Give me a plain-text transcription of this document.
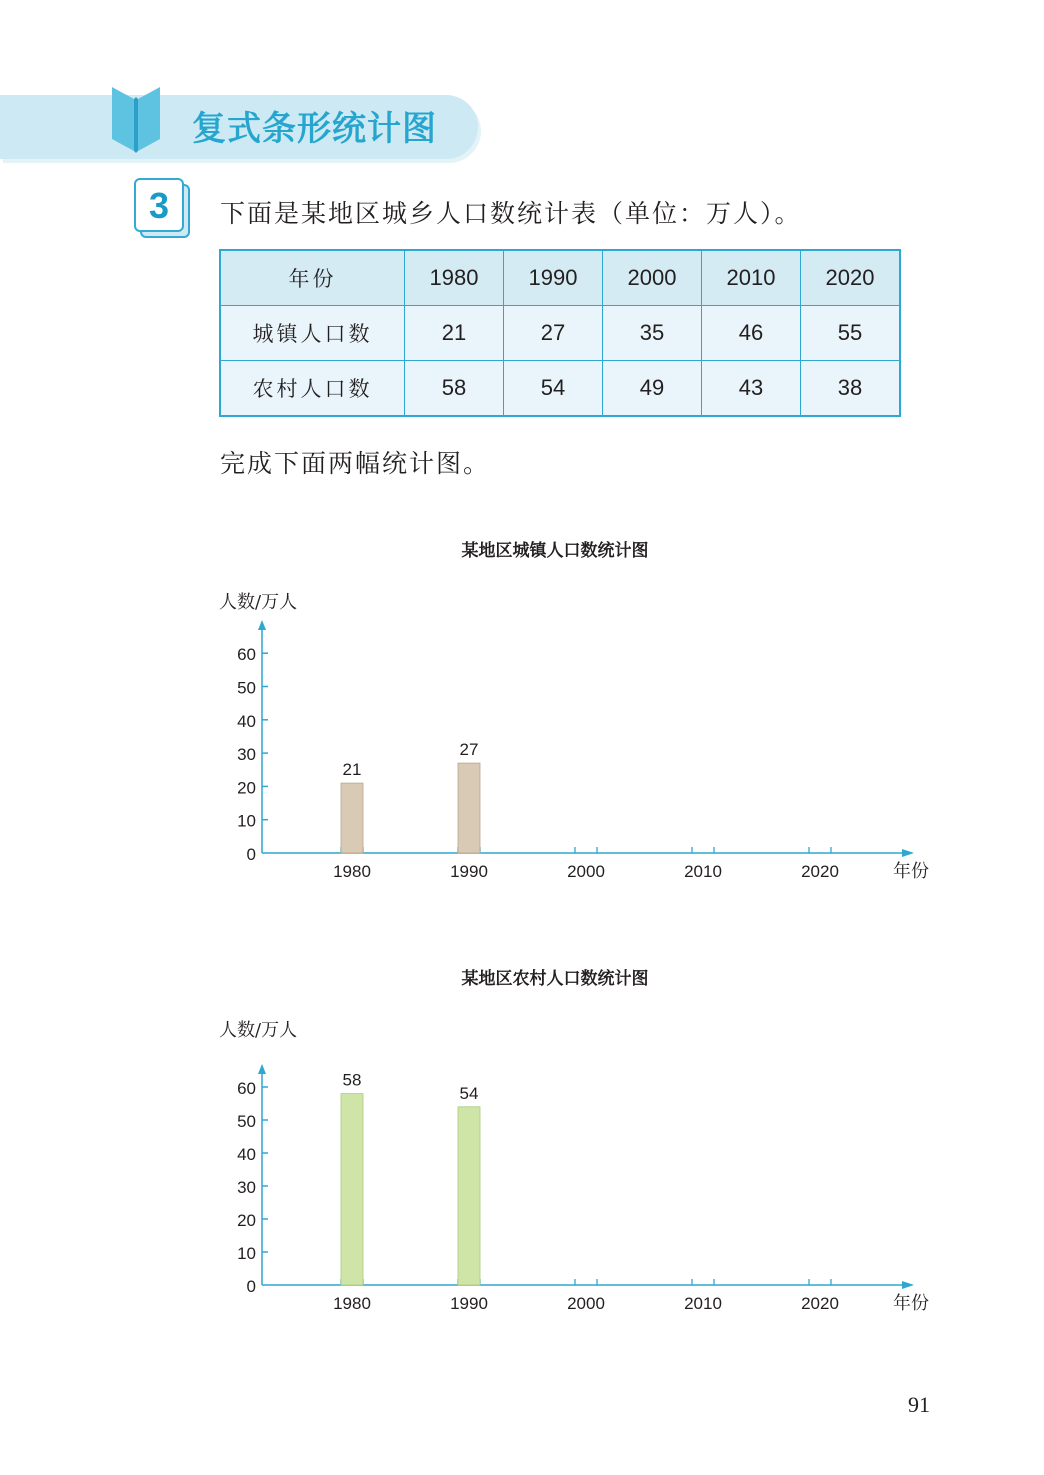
复式条形统计图
3	下面是某地区城乡人口数统计表（单位：万人）。
年份	1980	1990	2000	2010	2020
城镇人口数	21	27	35	46	55
农村人口数	58	54	49	43	38
完成下面两幅统计图。
某地区城镇人口数统计图
人数/万人
年份
0
10
20
30
40
50
60
1980	1990	2000	2010	2020
21
27
某地区农村人口数统计图
人数/万人
年份
0
10
20
30
40
50
60
1980	1990	2000	2010	2020
58
54
91
